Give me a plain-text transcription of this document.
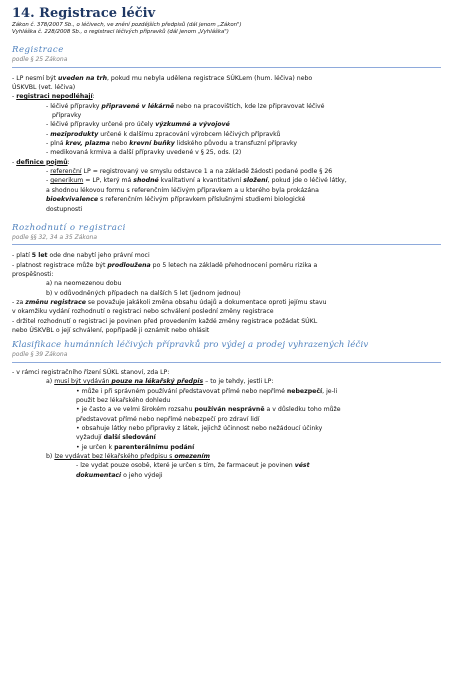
14. Registrace léčiv
Zákon č. 378/2007 Sb., o léčivech, ve znění pozdějších předpisů (dál jenom „Zákon")
Vyhláška č. 228/2008 Sb., o registraci léčivých přípravků (dál jenom „Vyhláška")
Registrace
podle § 25 Zákona

- LP nesmí být uveden na trh, pokud mu nebyla udělena registrace SÚKLem (hum. léčiva) nebo

ÚSKVBL (vet. léčiva)

- registraci nepodléhají:

- léčivé přípravky připravené v lékárně nebo na pracovištích, kde lze připravovat léčivé

přípravky

- léčivé přípravky určené pro účely výzkumné a vývojové

- meziprodukty určené k dalšímu zpracování výrobcem léčivých přípravků

- plná krev, plazma nebo krevní buňky lidského původu a transfuzní přípravky

- medikovaná krmiva a další přípravky uvedené v § 25, ods. (2)

- definice pojmů:

- referenční LP = registrovaný ve smyslu odstavce 1 a na základě žádosti podané podle § 26

- generikum = LP, který má shodné kvalitativní a kvantitativní složení, pokud jde o léčivé látky,

a shodnou lékovou formu s referenčním léčivým přípravkem a u kterého byla prokázána

bioekvivalence s referenčním léčivým přípravkem příslušnými studiemi biologické

dostupnosti

Rozhodnutí o registraci
podle §§ 32, 34 a 35 Zákona

- platí 5 let ode dne nabytí jeho právní moci

- platnost registrace může být prodloužena po 5 letech na základě přehodnocení poměru rizika a

prospěšnosti:

a) na neomezenou dobu

b) v odůvodněných případech na dalších 5 let (jednom jednou)

- za změnu registrace se považuje jakákoli změna obsahu údajů a dokumentace oproti jejímu stavu

v okamžiku vydání rozhodnutí o registraci nebo schválení poslední změny registrace

- držitel rozhodnutí o registraci je povinen před provedením každé změny registrace požádat SÚKL

nebo ÚSKVBL o její schválení, popřípadě ji oznámit nebo ohlásit

Klasifikace humánních léčivých přípravků pro výdej a prodej vyhrazených léčiv
podle § 39 Zákona

- v rámci registračního řízení SÚKL stanoví, zda LP:

a) musí být vydáván pouze na lékařský předpis – to je tehdy, jestli LP:

• může i při správném používání představovat přímé nebo nepřímé nebezpečí, je-li

použit bez lékařského dohledu

• je často a ve velmi širokém rozsahu používán nesprávně a v důsledku toho může

představovat přímé nebo nepřímé nebezpečí pro zdraví lidí

• obsahuje látky nebo přípravky z látek, jejichž účinnost nebo nežádoucí účinky

vyžadují další sledování

• je určen k parenterálnímu podání

b) lze vydávat bez lékařského předpisu s omezením

- lze vydat pouze osobě, které je určen s tím, že farmaceut je povinen vést

dokumentaci o jeho výdeji
